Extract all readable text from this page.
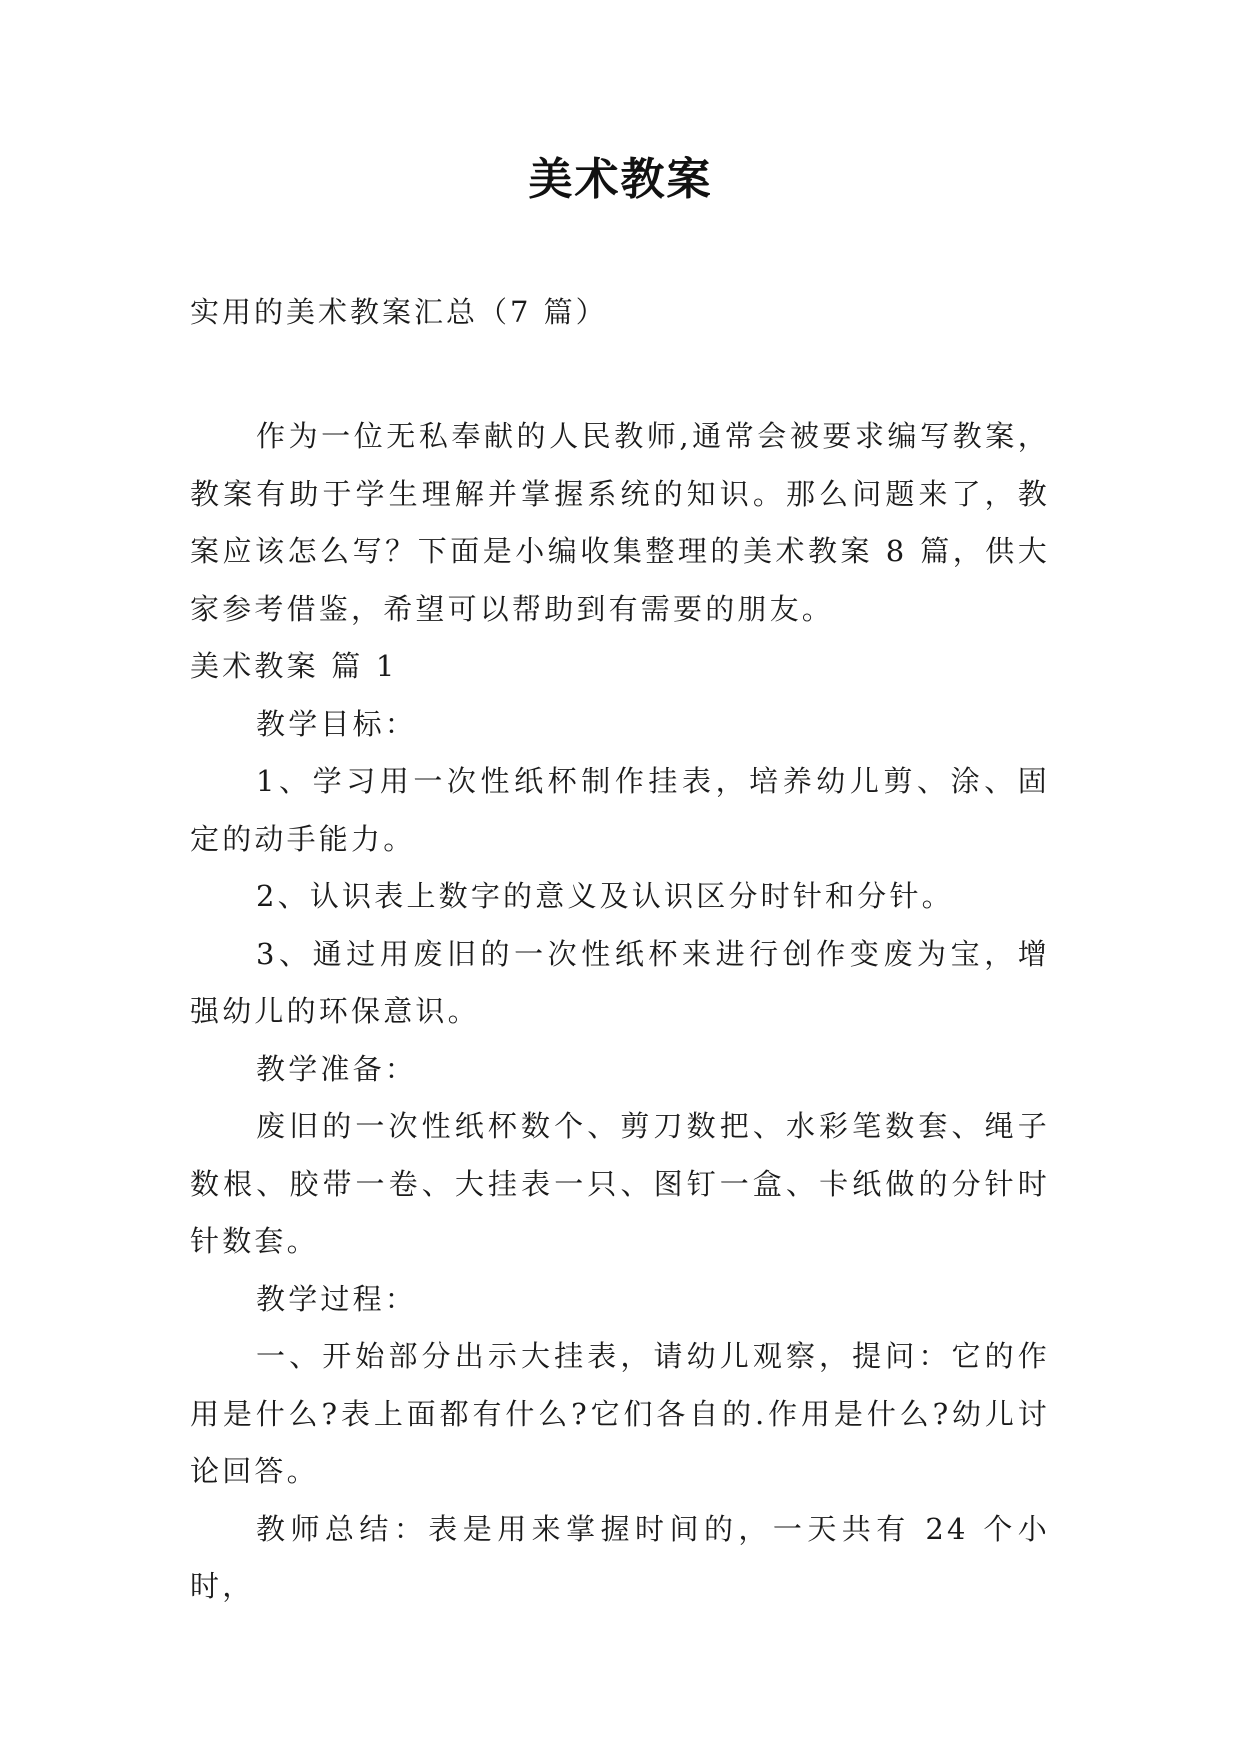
美术教案
实用的美术教案汇总（7 篇）

作为一位无私奉献的人民教师,通常会被要求编写教案，教案有助于学生理解并掌握系统的知识。那么问题来了，教案应该怎么写？下面是小编收集整理的美术教案 8 篇，供大家参考借鉴，希望可以帮助到有需要的朋友。

美术教案 篇 1

教学目标：

1、学习用一次性纸杯制作挂表，培养幼儿剪、涂、固定的动手能力。

2、认识表上数字的意义及认识区分时针和分针。

3、通过用废旧的一次性纸杯来进行创作变废为宝，增强幼儿的环保意识。

教学准备：

废旧的一次性纸杯数个、剪刀数把、水彩笔数套、绳子数根、胶带一卷、大挂表一只、图钉一盒、卡纸做的分针时针数套。

教学过程：

一、开始部分出示大挂表，请幼儿观察，提问：它的作用是什么?表上面都有什么?它们各自的.作用是什么?幼儿讨论回答。

教师总结：表是用来掌握时间的，一天共有 24 个小时，
